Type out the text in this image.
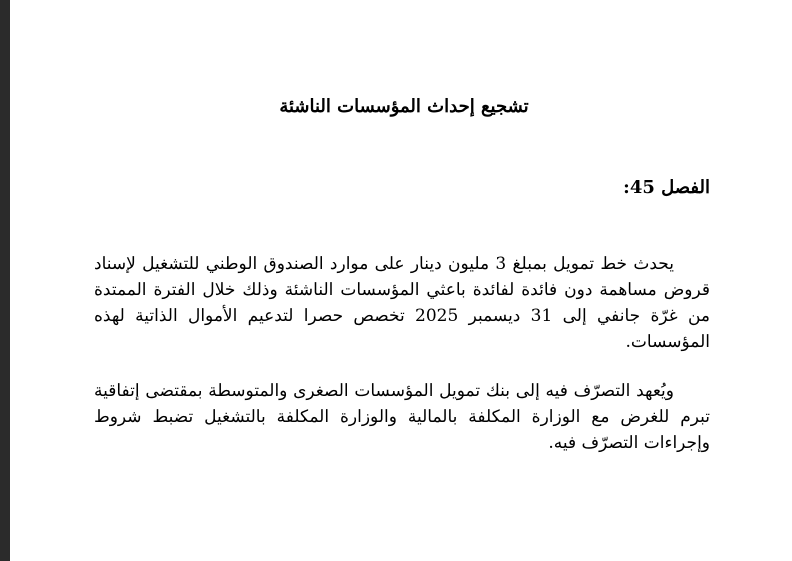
تشجيع إحداث المؤسسات الناشئة
الفصل 45:

يحدث خط تمويل بمبلغ 3 مليون دينار على موارد الصندوق الوطني للتشغيل لإسناد قروض مساهمة دون فائدة لفائدة باعثي المؤسسات الناشئة وذلك خلال الفترة الممتدة من غرّة جانفي إلى 31 ديسمبر 2025 تخصص حصرا لتدعيم الأموال الذاتية لهذه المؤسسات.

ويُعهد التصرّف فيه إلى بنك تمويل المؤسسات الصغرى والمتوسطة بمقتضى إتفاقية تبرم للغرض مع الوزارة المكلفة بالمالية والوزارة المكلفة بالتشغيل تضبط شروط وإجراءات التصرّف فيه.
